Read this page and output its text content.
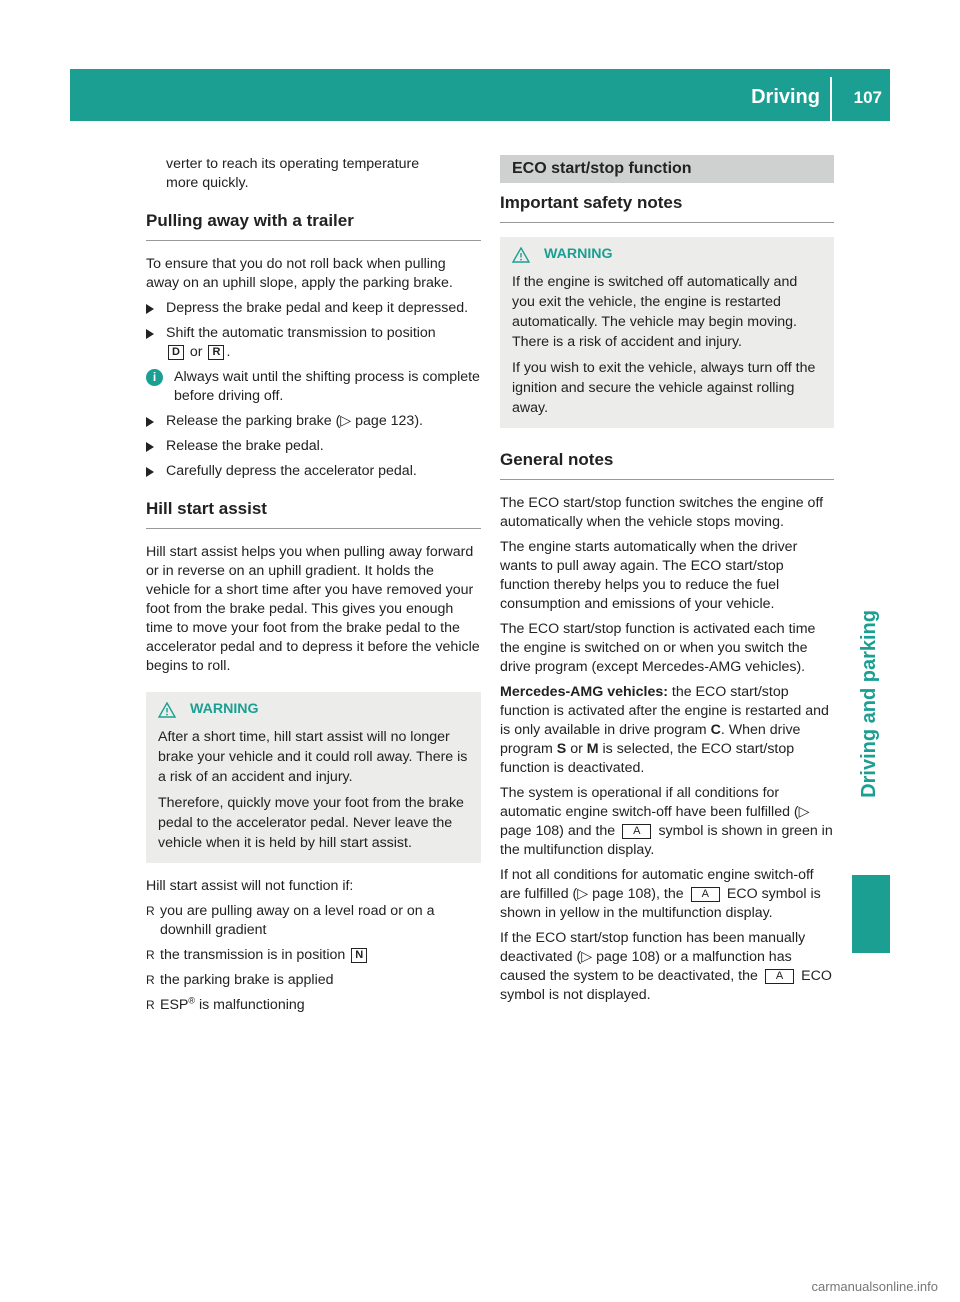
Driving 107
Driving and parking

verter to reach its operating temperature

more quickly.

Pulling away with a trailer

To ensure that you do not roll back when pulling away on an uphill slope, apply the parking brake.

Depress the brake pedal and keep it depressed.
Shift the automatic transmission to position
D or R .
i	Always wait until the shifting process is complete before driving off.
Release the parking brake (▷ page 123).
Release the brake pedal.
Carefully depress the accelerator pedal.
Hill start assist

Hill start assist helps you when pulling away forward or in reverse on an uphill gradient. It holds the vehicle for a short time after you have removed your foot from the brake pedal. This gives you enough time to move your foot from the brake pedal to the accelerator pedal and to depress it before the vehicle begins to roll.

WARNING

After a short time, hill start assist will no longer brake your vehicle and it could roll away. There is a risk of an accident and injury.

Therefore, quickly move your foot from the brake pedal to the accelerator pedal. Never leave the vehicle when it is held by hill start assist.

Hill start assist will not function if:

R you are pulling away on a level road or on a downhill gradient
R the transmission is in position N
R the parking brake is applied
R ESP® is malfunctioning
ECO start/stop function
Important safety notes
WARNING

If the engine is switched off automatically and you exit the vehicle, the engine is restarted automatically. The vehicle may begin moving. There is a risk of accident and injury.

If you wish to exit the vehicle, always turn off the ignition and secure the vehicle against rolling away.

General notes

The ECO start/stop function switches the engine off automatically when the vehicle stops moving.

The engine starts automatically when the driver wants to pull away again. The ECO start/stop function thereby helps you to reduce the fuel consumption and emissions of your vehicle.

The ECO start/stop function is activated each time the engine is switched on or when you switch the drive program (except Mercedes-AMG vehicles).

Mercedes-AMG vehicles: the ECO start/stop function is activated after the engine is restarted and is only available in drive program C. When drive program S or M is selected, the ECO start/stop function is deactivated.

The system is operational if all conditions for automatic engine switch-off have been fulfilled (▷ page 108) and the A symbol is shown in green in the multifunction display.

If not all conditions for automatic engine switch-off are fulfilled (▷ page 108), the A ECO symbol is shown in yellow in the multifunction display.

If the ECO start/stop function has been manually deactivated (▷ page 108) or a malfunction has caused the system to be deactivated, the A ECO symbol is not displayed.

carmanualsonline.info
